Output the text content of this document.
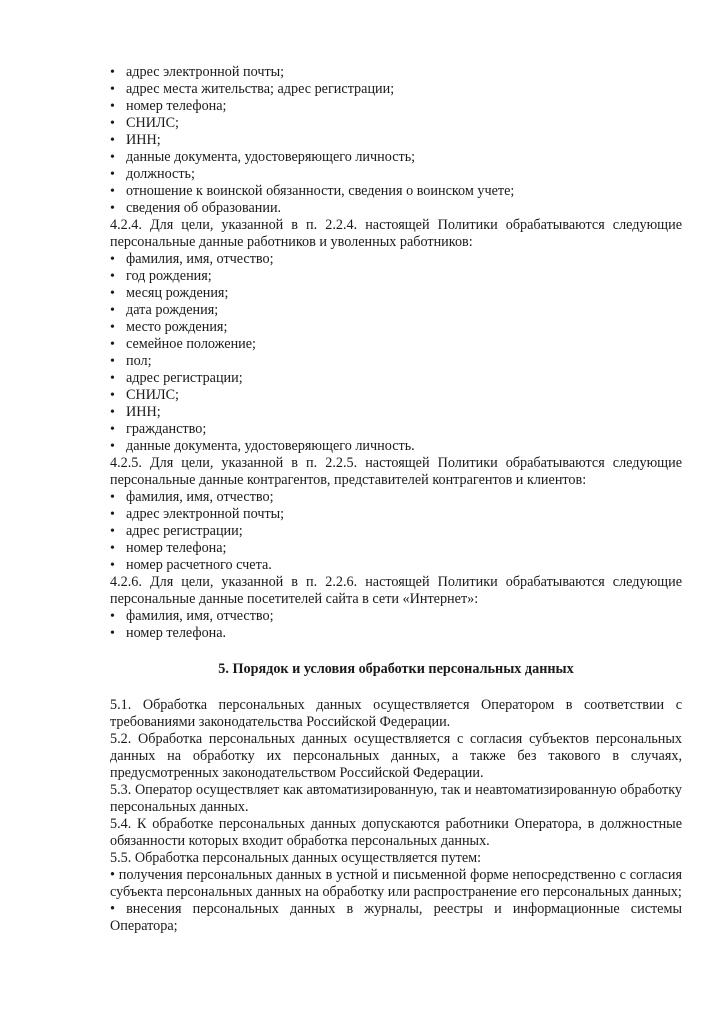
• адрес электронной почты;
• адрес места жительства; адрес регистрации;
• номер телефона;
• СНИЛС;
• ИНН;
• данные документа, удостоверяющего личность;
• должность;
• отношение к воинской обязанности, сведения о воинском учете;
• сведения об образовании.

4.2.4. Для цели, указанной в п. 2.2.4. настоящей Политики обрабатываются следующие персональные данные работников и уволенных работников:

• фамилия, имя, отчество;
• год рождения;
• месяц рождения;
• дата рождения;
• место рождения;
• семейное положение;
• пол;
• адрес регистрации;
• СНИЛС;
• ИНН;
• гражданство;
• данные документа, удостоверяющего личность.

4.2.5. Для цели, указанной в п. 2.2.5. настоящей Политики обрабатываются следующие персональные данные контрагентов, представителей контрагентов и клиентов:

• фамилия, имя, отчество;
• адрес электронной почты;
• адрес регистрации;
• номер телефона;
• номер расчетного счета.

4.2.6. Для цели, указанной в п. 2.2.6. настоящей Политики обрабатываются следующие персональные данные посетителей сайта в сети «Интернет»:

• фамилия, имя, отчество;
• номер телефона.
5. Порядок и условия обработки персональных данных

5.1. Обработка персональных данных осуществляется Оператором в соответствии с требованиями законодательства Российской Федерации.

5.2. Обработка персональных данных осуществляется с согласия субъектов персональных данных на обработку их персональных данных, а также без такового в случаях, предусмотренных законодательством Российской Федерации.

5.3. Оператор осуществляет как автоматизированную, так и неавтоматизированную обработку персональных данных.

5.4. К обработке персональных данных допускаются работники Оператора, в должностные обязанности которых входит обработка персональных данных.

5.5. Обработка персональных данных осуществляется путем:

• получения персональных данных в устной и письменной форме непосредственно с согласия субъекта персональных данных на обработку или распространение его персональных данных;

• внесения персональных данных в журналы, реестры и информационные системы Оператора;
